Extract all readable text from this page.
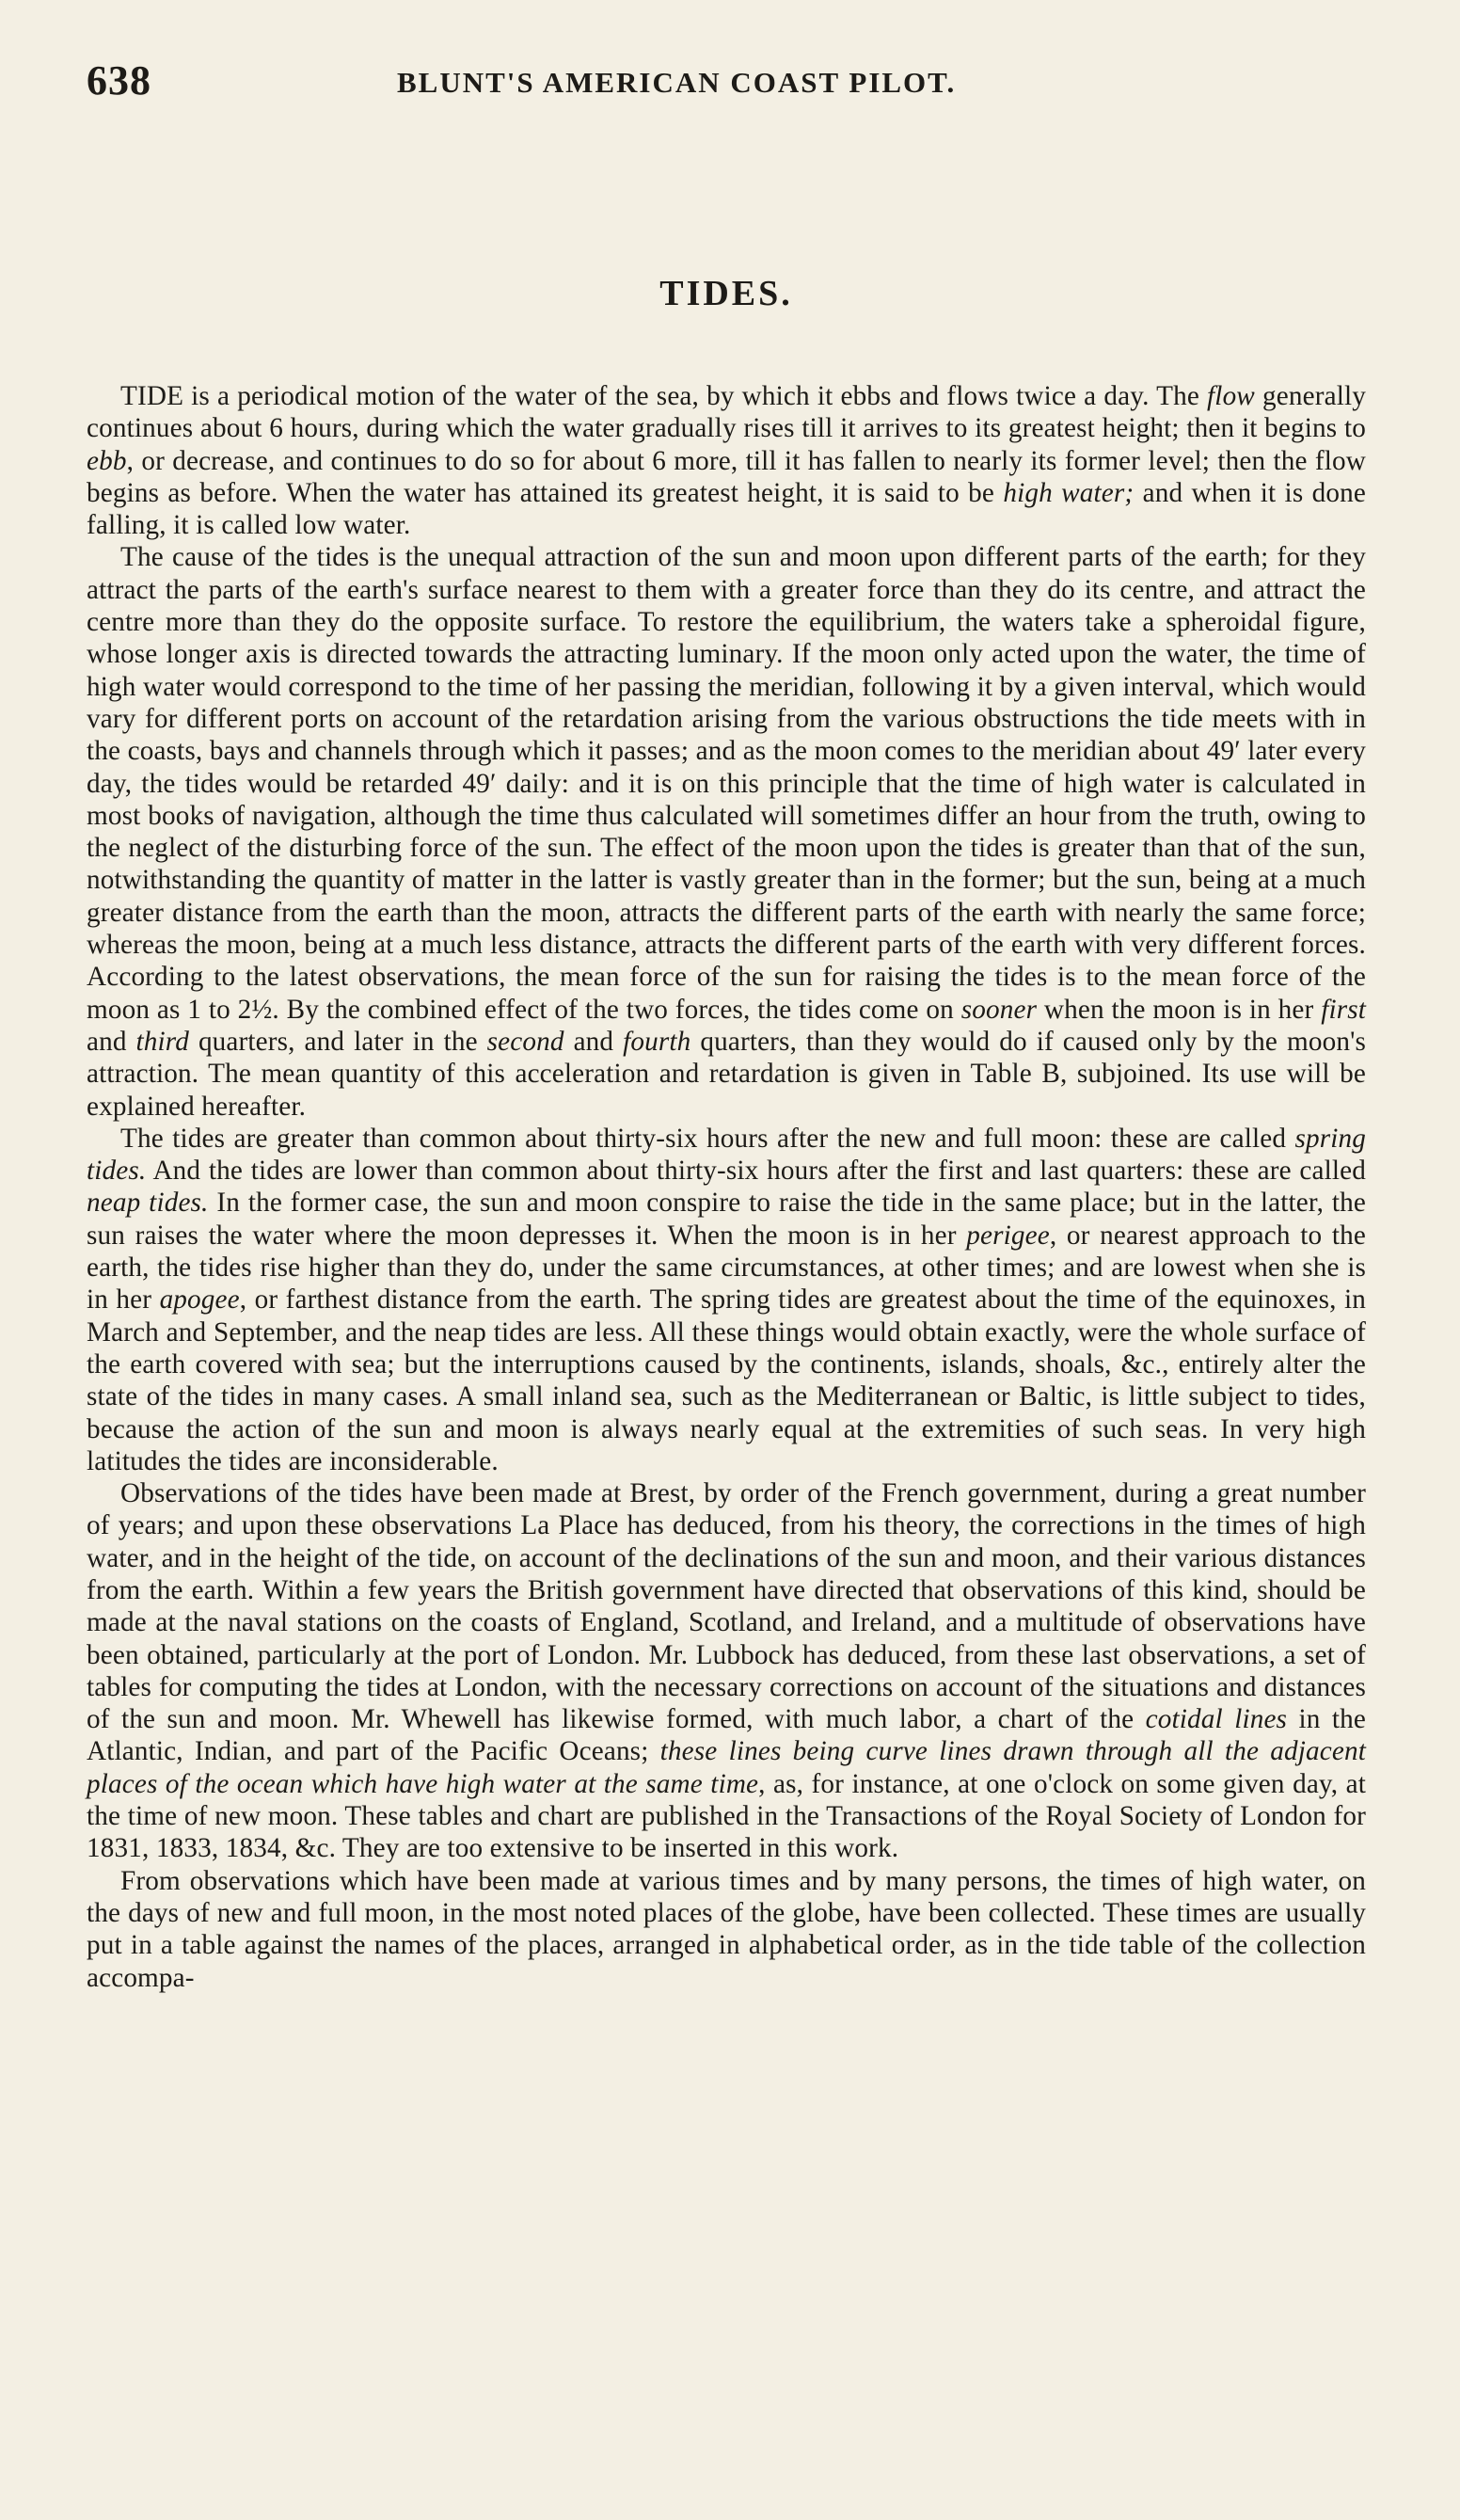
638	BLUNT'S AMERICAN COAST PILOT.
TIDES.

TIDE is a periodical motion of the water of the sea, by which it ebbs and flows twice a day. The flow generally continues about 6 hours, during which the water gradually rises till it arrives to its greatest height; then it begins to ebb, or decrease, and continues to do so for about 6 more, till it has fallen to nearly its former level; then the flow begins as before. When the water has attained its greatest height, it is said to be high water; and when it is done falling, it is called low water.

The cause of the tides is the unequal attraction of the sun and moon upon different parts of the earth; for they attract the parts of the earth's surface nearest to them with a greater force than they do its centre, and attract the centre more than they do the opposite surface. To restore the equilibrium, the waters take a spheroidal figure, whose longer axis is directed towards the attracting luminary. If the moon only acted upon the water, the time of high water would correspond to the time of her passing the meridian, following it by a given interval, which would vary for different ports on account of the retardation arising from the various obstructions the tide meets with in the coasts, bays and channels through which it passes; and as the moon comes to the meridian about 49′ later every day, the tides would be retarded 49′ daily: and it is on this principle that the time of high water is calculated in most books of navigation, although the time thus calculated will sometimes differ an hour from the truth, owing to the neglect of the disturbing force of the sun. The effect of the moon upon the tides is greater than that of the sun, notwithstanding the quantity of matter in the latter is vastly greater than in the former; but the sun, being at a much greater distance from the earth than the moon, attracts the different parts of the earth with nearly the same force; whereas the moon, being at a much less distance, attracts the different parts of the earth with very different forces. According to the latest observations, the mean force of the sun for raising the tides is to the mean force of the moon as 1 to 2½. By the combined effect of the two forces, the tides come on sooner when the moon is in her first and third quarters, and later in the second and fourth quarters, than they would do if caused only by the moon's attraction. The mean quantity of this acceleration and retardation is given in Table B, subjoined. Its use will be explained hereafter.

The tides are greater than common about thirty-six hours after the new and full moon: these are called spring tides. And the tides are lower than common about thirty-six hours after the first and last quarters: these are called neap tides. In the former case, the sun and moon conspire to raise the tide in the same place; but in the latter, the sun raises the water where the moon depresses it. When the moon is in her perigee, or nearest approach to the earth, the tides rise higher than they do, under the same circumstances, at other times; and are lowest when she is in her apogee, or farthest distance from the earth. The spring tides are greatest about the time of the equinoxes, in March and September, and the neap tides are less. All these things would obtain exactly, were the whole surface of the earth covered with sea; but the interruptions caused by the continents, islands, shoals, &c., entirely alter the state of the tides in many cases. A small inland sea, such as the Mediterranean or Baltic, is little subject to tides, because the action of the sun and moon is always nearly equal at the extremities of such seas. In very high latitudes the tides are inconsiderable.

Observations of the tides have been made at Brest, by order of the French government, during a great number of years; and upon these observations La Place has deduced, from his theory, the corrections in the times of high water, and in the height of the tide, on account of the declinations of the sun and moon, and their various distances from the earth. Within a few years the British government have directed that observations of this kind, should be made at the naval stations on the coasts of England, Scotland, and Ireland, and a multitude of observations have been obtained, particularly at the port of London. Mr. Lubbock has deduced, from these last observations, a set of tables for computing the tides at London, with the necessary corrections on account of the situations and distances of the sun and moon. Mr. Whewell has likewise formed, with much labor, a chart of the cotidal lines in the Atlantic, Indian, and part of the Pacific Oceans; these lines being curve lines drawn through all the adjacent places of the ocean which have high water at the same time, as, for instance, at one o'clock on some given day, at the time of new moon. These tables and chart are published in the Transactions of the Royal Society of London for 1831, 1833, 1834, &c. They are too extensive to be inserted in this work.

From observations which have been made at various times and by many persons, the times of high water, on the days of new and full moon, in the most noted places of the globe, have been collected. These times are usually put in a table against the names of the places, arranged in alphabetical order, as in the tide table of the collection accompa-
